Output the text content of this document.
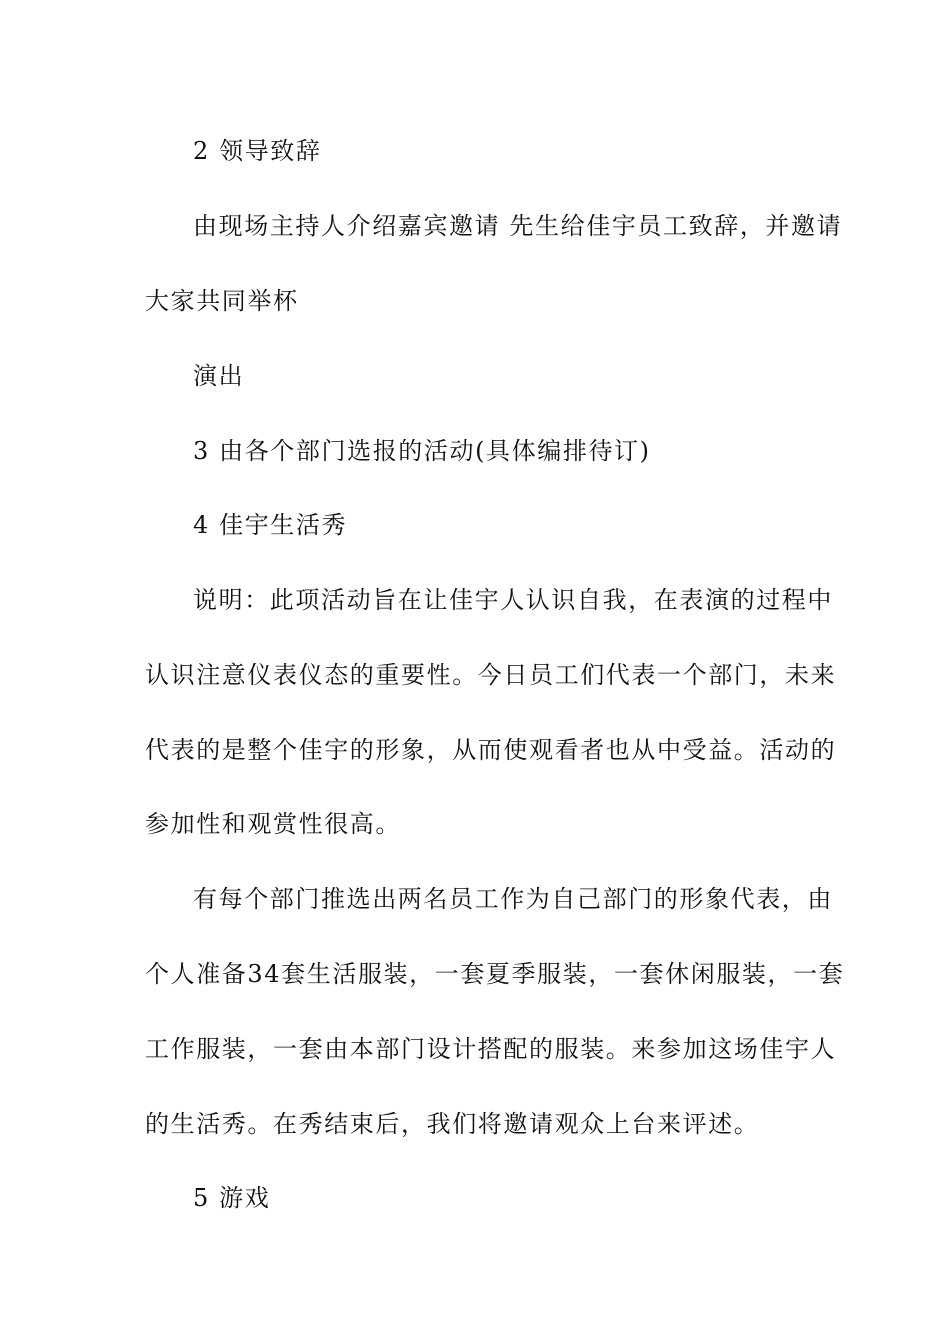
2 领导致辞
由现场主持人介绍嘉宾邀请 先生给佳宇员工致辞，并邀请
大家共同举杯
演出
3 由各个部门选报的活动(具体编排待订)
4 佳宇生活秀
说明：此项活动旨在让佳宇人认识自我，在表演的过程中
认识注意仪表仪态的重要性。今日员工们代表一个部门，未来
代表的是整个佳宇的形象，从而使观看者也从中受益。活动的
参加性和观赏性很高。
有每个部门推选出两名员工作为自己部门的形象代表，由
个人准备34套生活服装，一套夏季服装，一套休闲服装，一套
工作服装，一套由本部门设计搭配的服装。来参加这场佳宇人
的生活秀。在秀结束后，我们将邀请观众上台来评述。
5 游戏
